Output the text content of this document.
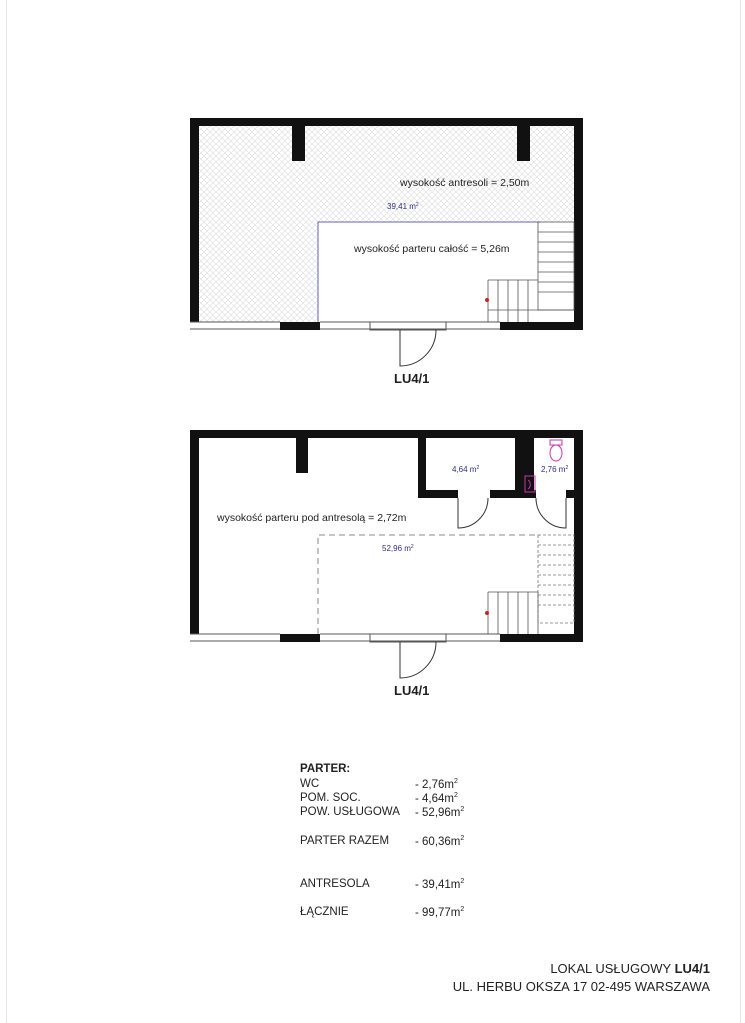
wysokość antresoli = 2,50m
39,41 $m^2$
wysokość parteru całość = 5,26m
4,64 $m^2$	2,76 $m^2$
wysokość parteru pod antresolą = 2,72m
52,96 $m^2$
LU4/1
LU4/1
PARTER:
WC	- $2,76m^2$
POM. SOC.	- $4,64m^2$
POW. USŁUGOWA - $52,96m^2$
PARTER RAZEM - $60,36m^2$
ANTRESOLA	- $39,41m^2$
ŁĄCZNIE	- $99,77m^2$
LOKAL USŁUGOWY LU4/1
UL. HERBU OKSZA 17 02-495 WARSZAWA
